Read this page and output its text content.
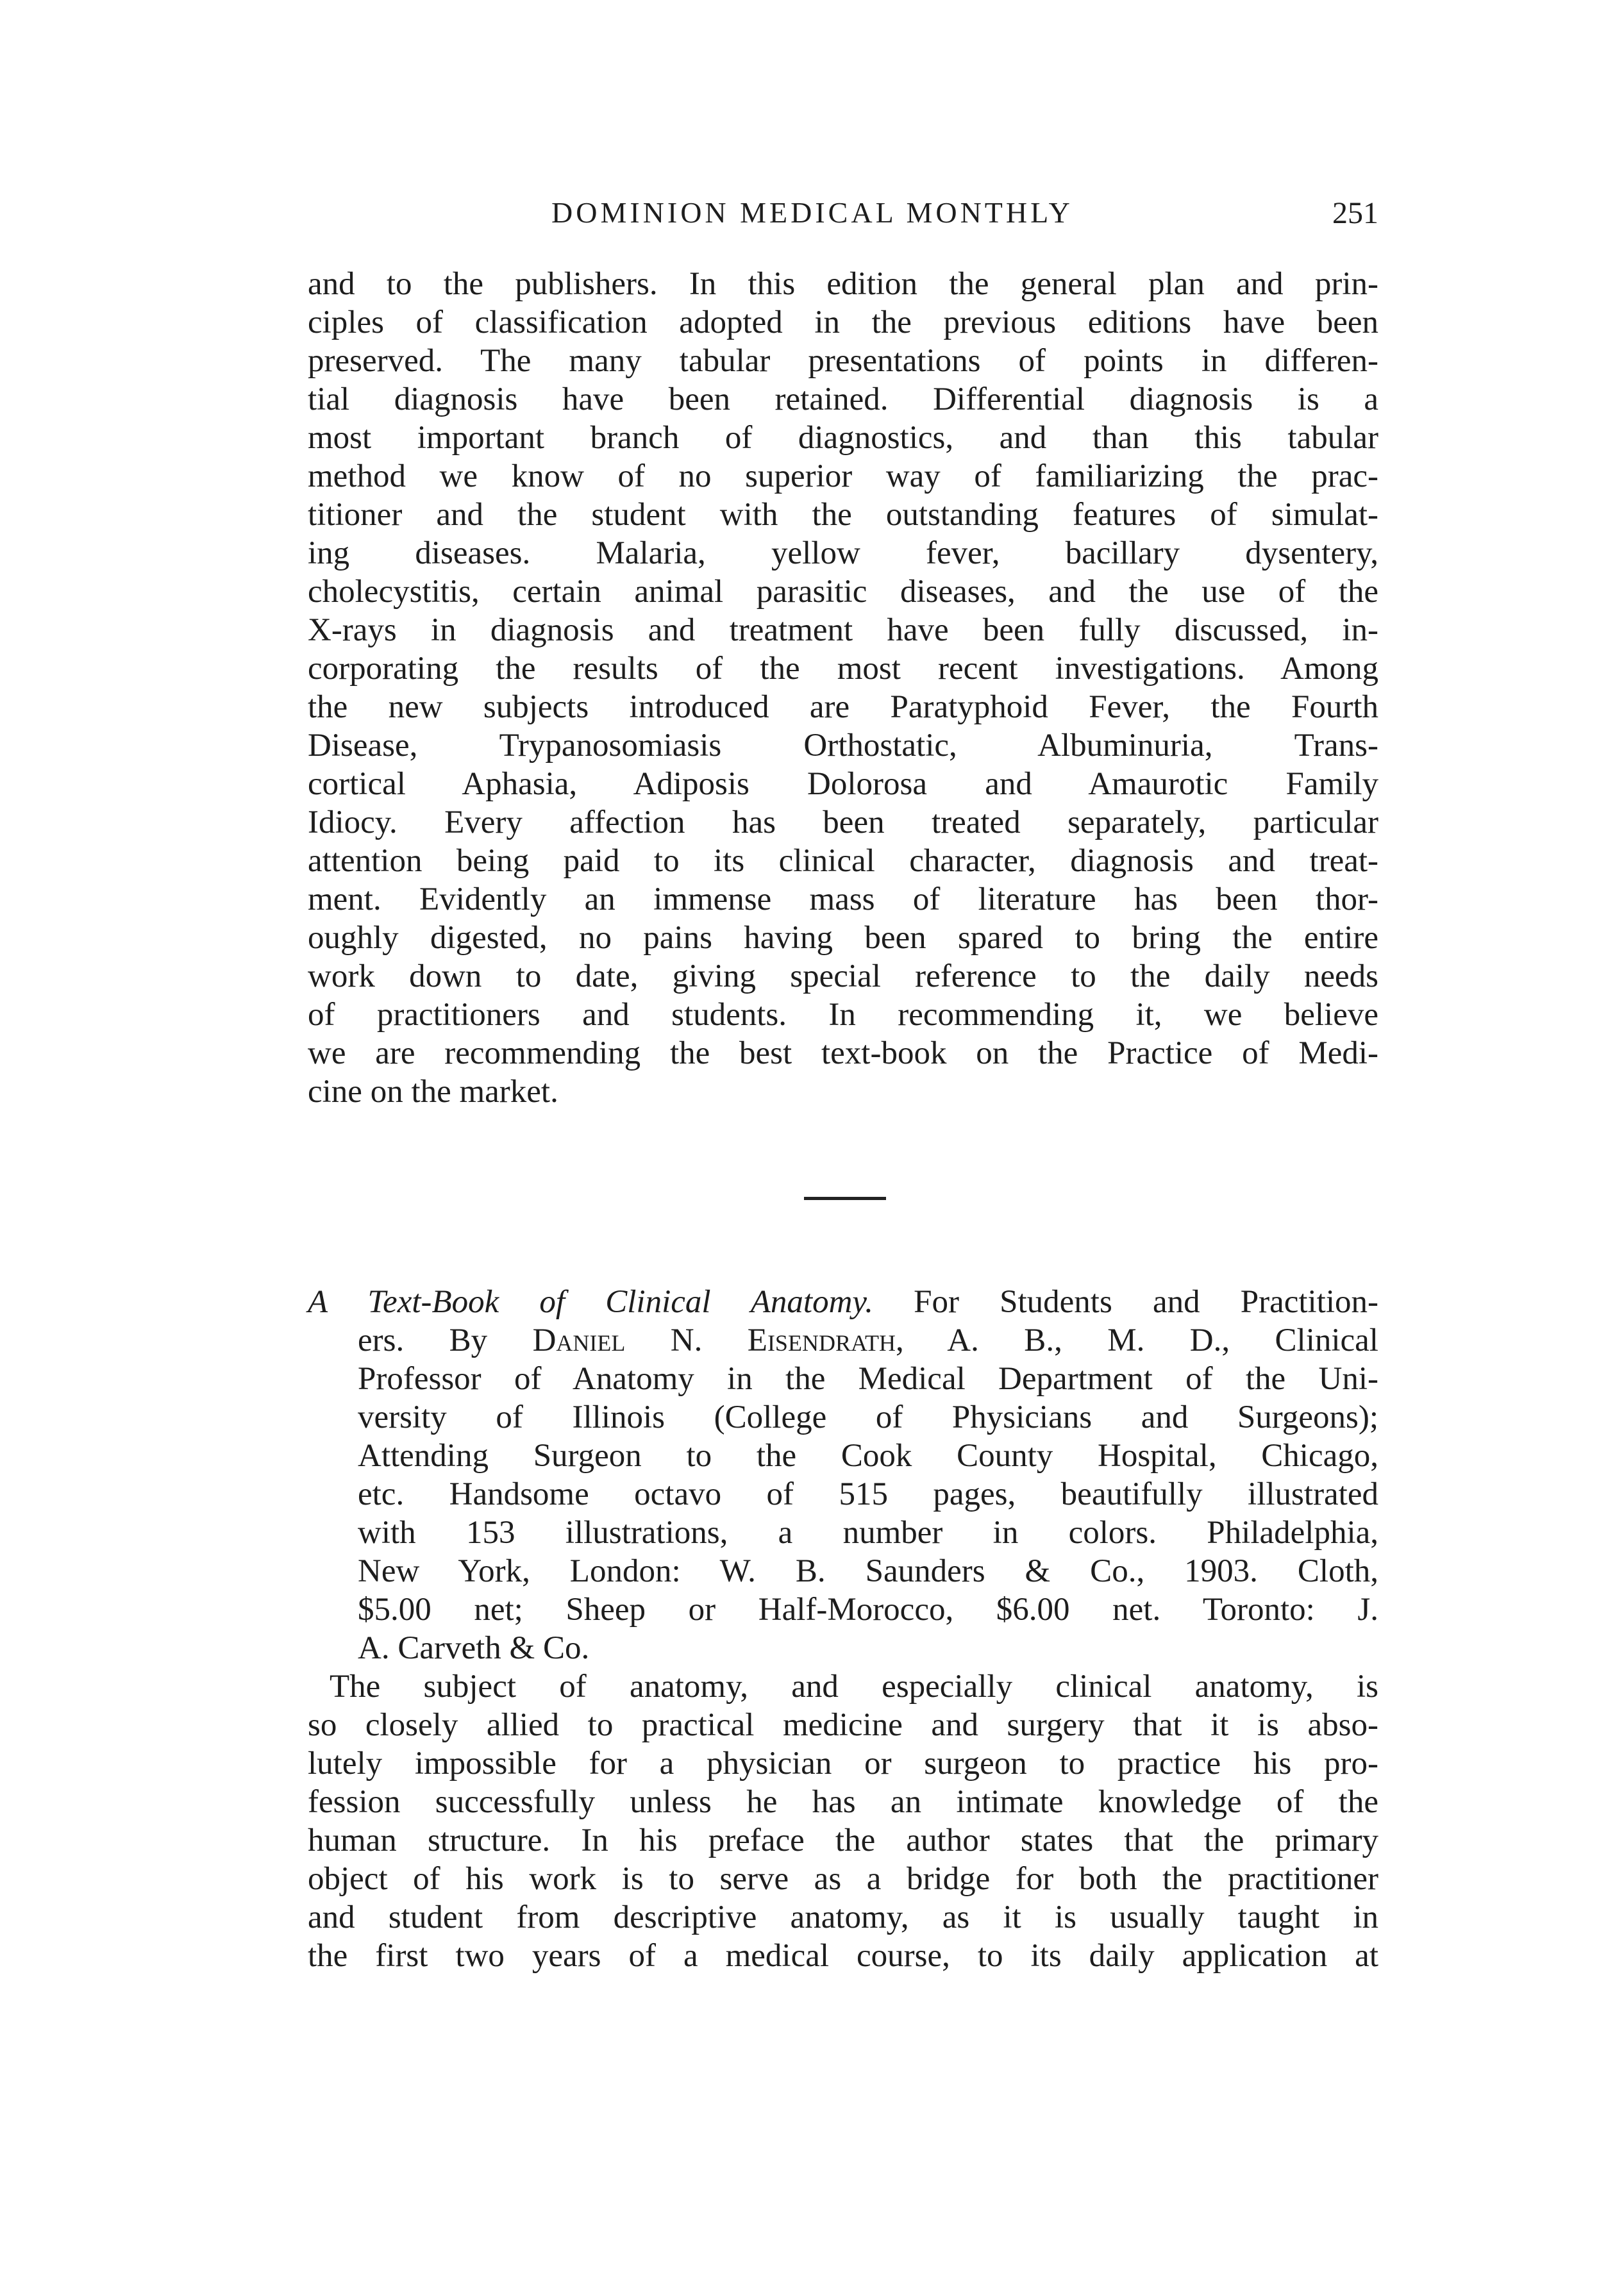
DOMINION MEDICAL MONTHLY	251
and to the publishers. In this edition the general plan and prin-
ciples of classification adopted in the previous editions have been
preserved. The many tabular presentations of points in differen-
tial diagnosis have been retained. Differential diagnosis is a
most important branch of diagnostics, and than this tabular
method we know of no superior way of familiarizing the prac-
titioner and the student with the outstanding features of simulat-
ing diseases. Malaria, yellow fever, bacillary dysentery,
cholecystitis, certain animal parasitic diseases, and the use of the
X-rays in diagnosis and treatment have been fully discussed, in-
corporating the results of the most recent investigations. Among
the new subjects introduced are Paratyphoid Fever, the Fourth
Disease, Trypanosomiasis Orthostatic, Albuminuria, Trans-
cortical Aphasia, Adiposis Dolorosa and Amaurotic Family
Idiocy. Every affection has been treated separately, particular
attention being paid to its clinical character, diagnosis and treat-
ment. Evidently an immense mass of literature has been thor-
oughly digested, no pains having been spared to bring the entire
work down to date, giving special reference to the daily needs
of practitioners and students. In recommending it, we believe
we are recommending the best text-book on the Practice of Medi-
cine on the market.
A Text-Book of Clinical Anatomy. For Students and Practition-
ers. By Daniel N. Eisendrath, A. B., M. D., Clinical
Professor of Anatomy in the Medical Department of the Uni-
versity of Illinois (College of Physicians and Surgeons);
Attending Surgeon to the Cook County Hospital, Chicago,
etc. Handsome octavo of 515 pages, beautifully illustrated
with 153 illustrations, a number in colors. Philadelphia,
New York, London: W. B. Saunders & Co., 1903. Cloth,
$5.00 net; Sheep or Half-Morocco, $6.00 net. Toronto: J.
A. Carveth & Co.
The subject of anatomy, and especially clinical anatomy, is
so closely allied to practical medicine and surgery that it is abso-
lutely impossible for a physician or surgeon to practice his pro-
fession successfully unless he has an intimate knowledge of the
human structure. In his preface the author states that the primary
object of his work is to serve as a bridge for both the practitioner
and student from descriptive anatomy, as it is usually taught in
the first two years of a medical course, to its daily application at
